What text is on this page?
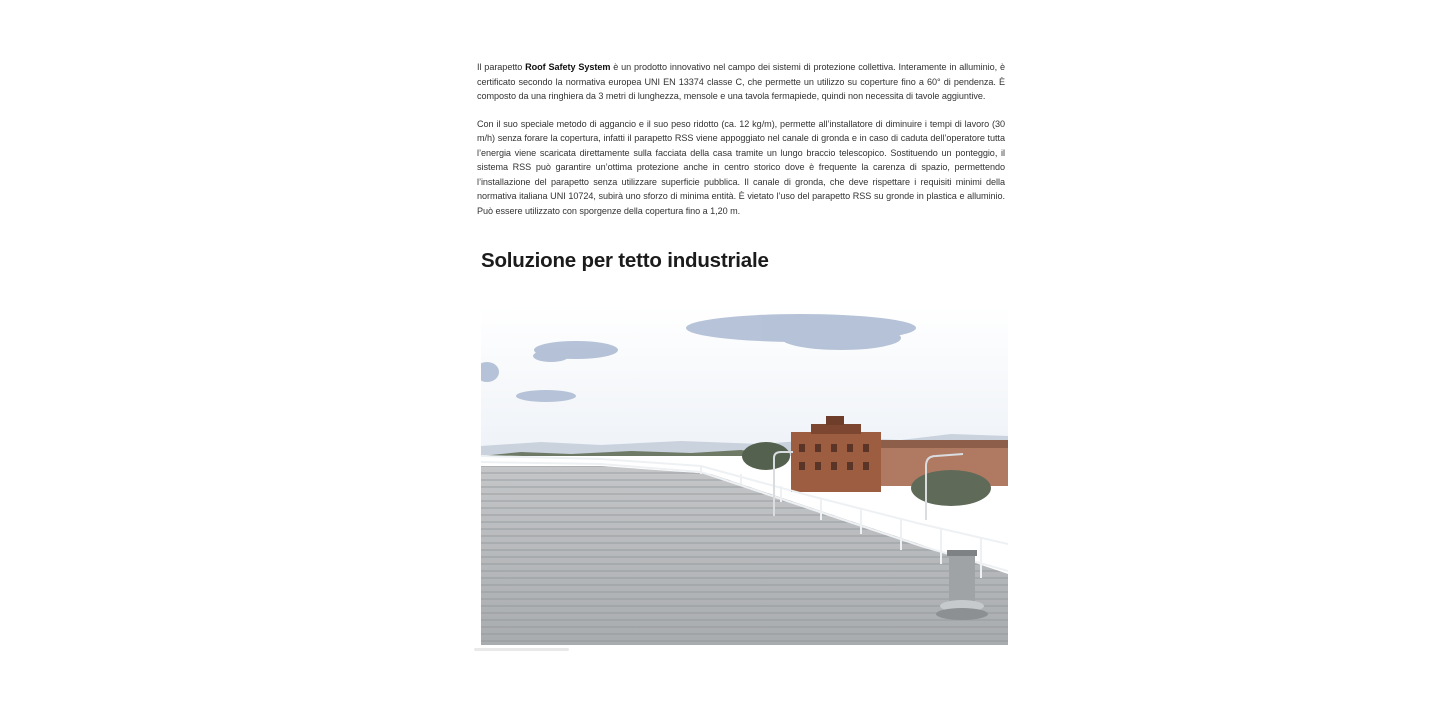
Il parapetto Roof Safety System è un prodotto innovativo nel campo dei sistemi di protezione collettiva. Interamente in alluminio, è certificato secondo la normativa europea UNI EN 13374 classe C, che permette un utilizzo su coperture fino a 60° di pendenza. È composto da una ringhiera da 3 metri di lunghezza, mensole e una tavola fermapiede, quindi non necessita di tavole aggiuntive.

Con il suo speciale metodo di aggancio e il suo peso ridotto (ca. 12 kg/m), permette all’installatore di diminuire i tempi di lavoro (30 m/h) senza forare la copertura, infatti il parapetto RSS viene appoggiato nel canale di gronda e in caso di caduta dell’operatore tutta l’energia viene scaricata direttamente sulla facciata della casa tramite un lungo braccio telescopico. Sostituendo un ponteggio, il sistema RSS può garantire un’ottima protezione anche in centro storico dove è frequente la carenza di spazio, permettendo l’installazione del parapetto senza utilizzare superficie pubblica. Il canale di gronda, che deve rispettare i requisiti minimi della normativa italiana UNI 10724, subirà uno sforzo di minima entità. È vietato l’uso del parapetto RSS su gronde in plastica e alluminio. Può essere utilizzato con sporgenze della copertura fino a 1,20 m.

Soluzione per tetto industriale
